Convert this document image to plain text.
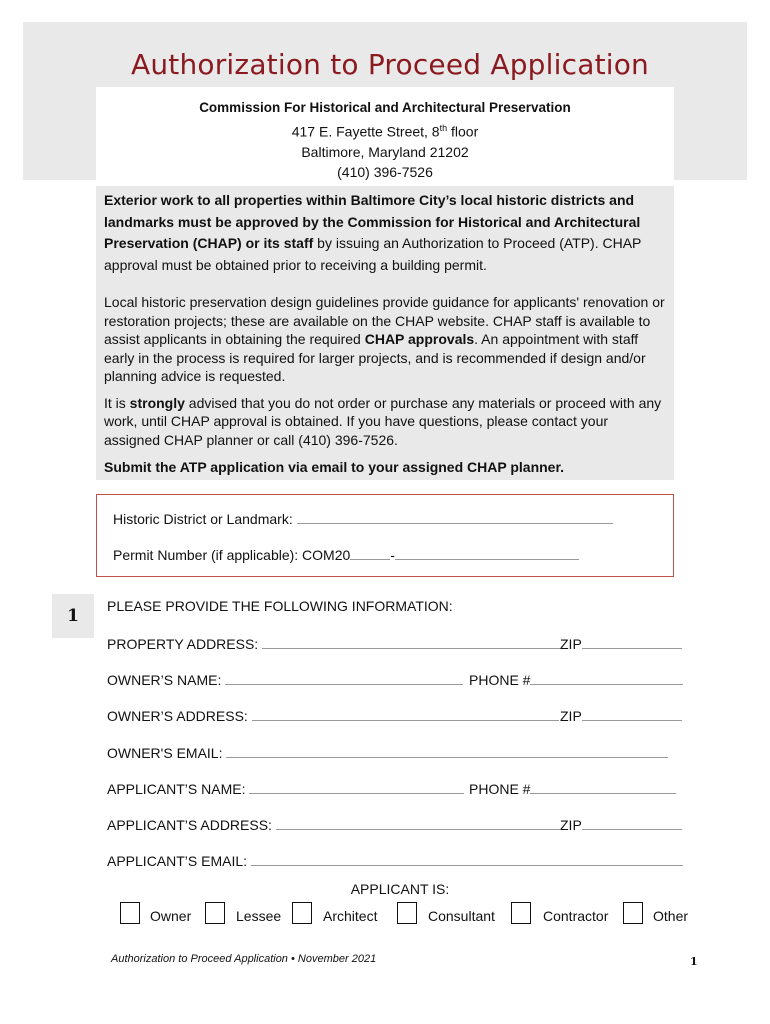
Authorization to Proceed Application
Commission For Historical and Architectural Preservation
417 E. Fayette Street, 8th floor
Baltimore, Maryland 21202
(410) 396-7526

Exterior work to all properties within Baltimore City’s local historic districts and landmarks must be approved by the Commission for Historical and Architectural Preservation (CHAP) or its staff by issuing an Authorization to Proceed (ATP). CHAP approval must be obtained prior to receiving a building permit.

Local historic preservation design guidelines provide guidance for applicants' renovation or restoration projects; these are available on the CHAP website. CHAP staff is available to assist applicants in obtaining the required CHAP approvals. An appointment with staff early in the process is required for larger projects, and is recommended if design and/or planning advice is requested.

It is strongly advised that you do not order or purchase any materials or proceed with any work, until CHAP approval is obtained. If you have questions, please contact your assigned CHAP planner or call (410) 396-7526.

Submit the ATP application via email to your assigned CHAP planner.

Historic District or Landmark:
Permit Number (if applicable): COM20	-
1	PLEASE PROVIDE THE FOLLOWING INFORMATION:
PROPERTY ADDRESS:	ZIP
OWNER’S NAME:	PHONE #
OWNER’S ADDRESS:	ZIP
OWNER'S EMAIL:
APPLICANT’S NAME:	PHONE #
APPLICANT’S ADDRESS:	ZIP
APPLICANT’S EMAIL:
APPLICANT IS:
Owner	Lessee	Architect	Consultant	Contractor	Other
Authorization to Proceed Application • November 2021	1
